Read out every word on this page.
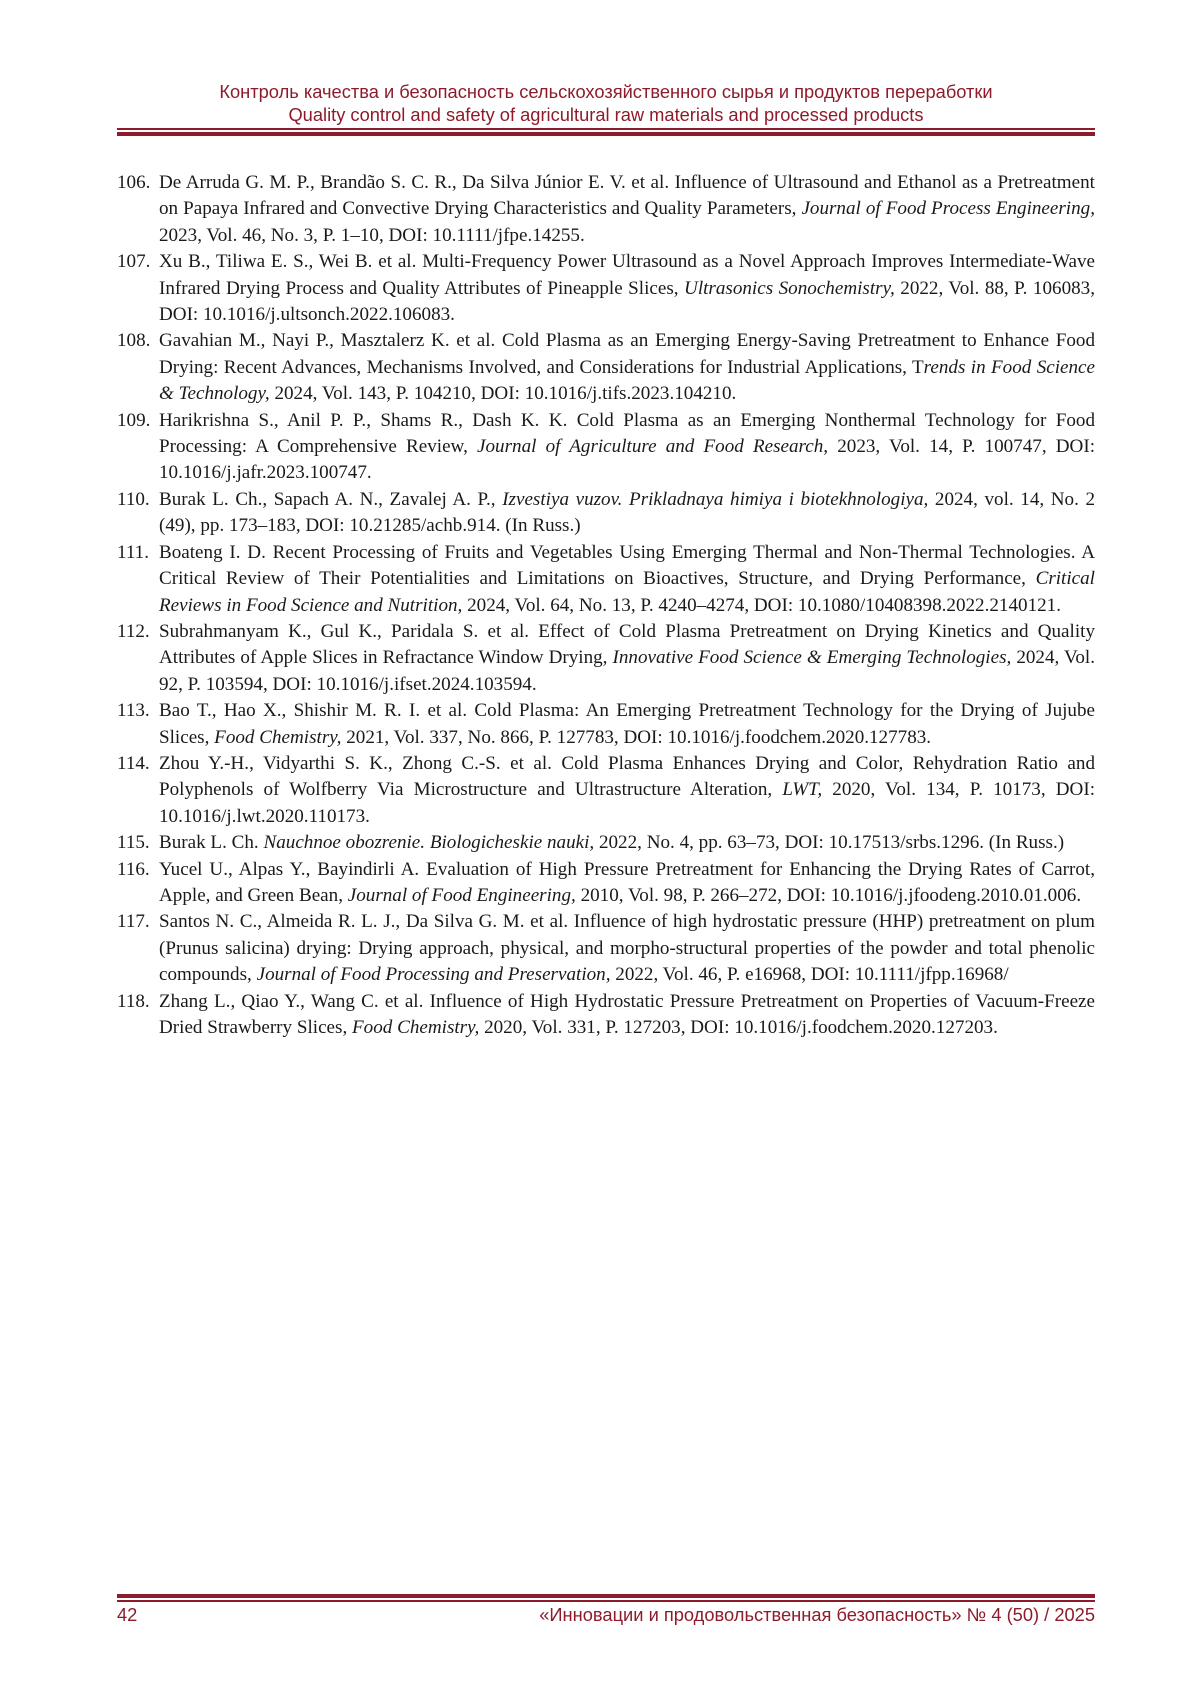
Контроль качества и безопасность сельскохозяйственного сырья и продуктов переработки
Quality control and safety of agricultural raw materials and processed products
106. De Arruda G. M. P., Brandão S. C. R., Da Silva Júnior E. V. et al. Influence of Ultrasound and Ethanol as a Pretreatment on Papaya Infrared and Convective Drying Characteristics and Quality Parameters, Journal of Food Process Engineering, 2023, Vol. 46, No. 3, P. 1–10, DOI: 10.1111/jfpe.14255.
107. Xu B., Tiliwa E. S., Wei B. et al. Multi-Frequency Power Ultrasound as a Novel Approach Improves Intermediate-Wave Infrared Drying Process and Quality Attributes of Pineapple Slices, Ultrasonics Sonochemistry, 2022, Vol. 88, P. 106083, DOI: 10.1016/j.ultsonch.2022.106083.
108. Gavahian M., Nayi P., Masztalerz K. et al. Cold Plasma as an Emerging Energy-Saving Pretreatment to Enhance Food Drying: Recent Advances, Mechanisms Involved, and Considerations for Industrial Applications, Trends in Food Science & Technology, 2024, Vol. 143, P. 104210, DOI: 10.1016/j.tifs.2023.104210.
109. Harikrishna S., Anil P. P., Shams R., Dash K. K. Cold Plasma as an Emerging Nonthermal Technology for Food Processing: A Comprehensive Review, Journal of Agriculture and Food Research, 2023, Vol. 14, P. 100747, DOI: 10.1016/j.jafr.2023.100747.
110. Burak L. Ch., Sapach A. N., Zavalej A. P., Izvestiya vuzov. Prikladnaya himiya i biotekhnologiya, 2024, vol. 14, No. 2 (49), pp. 173–183, DOI: 10.21285/achb.914. (In Russ.)
111. Boateng I. D. Recent Processing of Fruits and Vegetables Using Emerging Thermal and Non-Thermal Technologies. A Critical Review of Their Potentialities and Limitations on Bioactives, Structure, and Drying Performance, Critical Reviews in Food Science and Nutrition, 2024, Vol. 64, No. 13, P. 4240–4274, DOI: 10.1080/10408398.2022.2140121.
112. Subrahmanyam K., Gul K., Paridala S. et al. Effect of Cold Plasma Pretreatment on Drying Kinetics and Quality Attributes of Apple Slices in Refractance Window Drying, Innovative Food Science & Emerging Technologies, 2024, Vol. 92, P. 103594, DOI: 10.1016/j.ifset.2024.103594.
113. Bao T., Hao X., Shishir M. R. I. et al. Cold Plasma: An Emerging Pretreatment Technology for the Drying of Jujube Slices, Food Chemistry, 2021, Vol. 337, No. 866, P. 127783, DOI: 10.1016/j.foodchem.2020.127783.
114. Zhou Y.-H., Vidyarthi S. K., Zhong C.-S. et al. Cold Plasma Enhances Drying and Color, Rehydration Ratio and Polyphenols of Wolfberry Via Microstructure and Ultrastructure Alteration, LWT, 2020, Vol. 134, P. 10173, DOI: 10.1016/j.lwt.2020.110173.
115. Burak L. Ch. Nauchnoe obozrenie. Biologicheskie nauki, 2022, No. 4, pp. 63–73, DOI: 10.17513/srbs.1296. (In Russ.)
116. Yucel U., Alpas Y., Bayindirli A. Evaluation of High Pressure Pretreatment for Enhancing the Drying Rates of Carrot, Apple, and Green Bean, Journal of Food Engineering, 2010, Vol. 98, P. 266–272, DOI: 10.1016/j.jfoodeng.2010.01.006.
117. Santos N. C., Almeida R. L. J., Da Silva G. M. et al. Influence of high hydrostatic pressure (HHP) pretreatment on plum (Prunus salicina) drying: Drying approach, physical, and morpho-structural properties of the powder and total phenolic compounds, Journal of Food Processing and Preservation, 2022, Vol. 46, P. e16968, DOI: 10.1111/jfpp.16968/
118. Zhang L., Qiao Y., Wang C. et al. Influence of High Hydrostatic Pressure Pretreatment on Properties of Vacuum-Freeze Dried Strawberry Slices, Food Chemistry, 2020, Vol. 331, P. 127203, DOI: 10.1016/j.foodchem.2020.127203.
42	«Инновации и продовольственная безопасность» № 4 (50) / 2025
